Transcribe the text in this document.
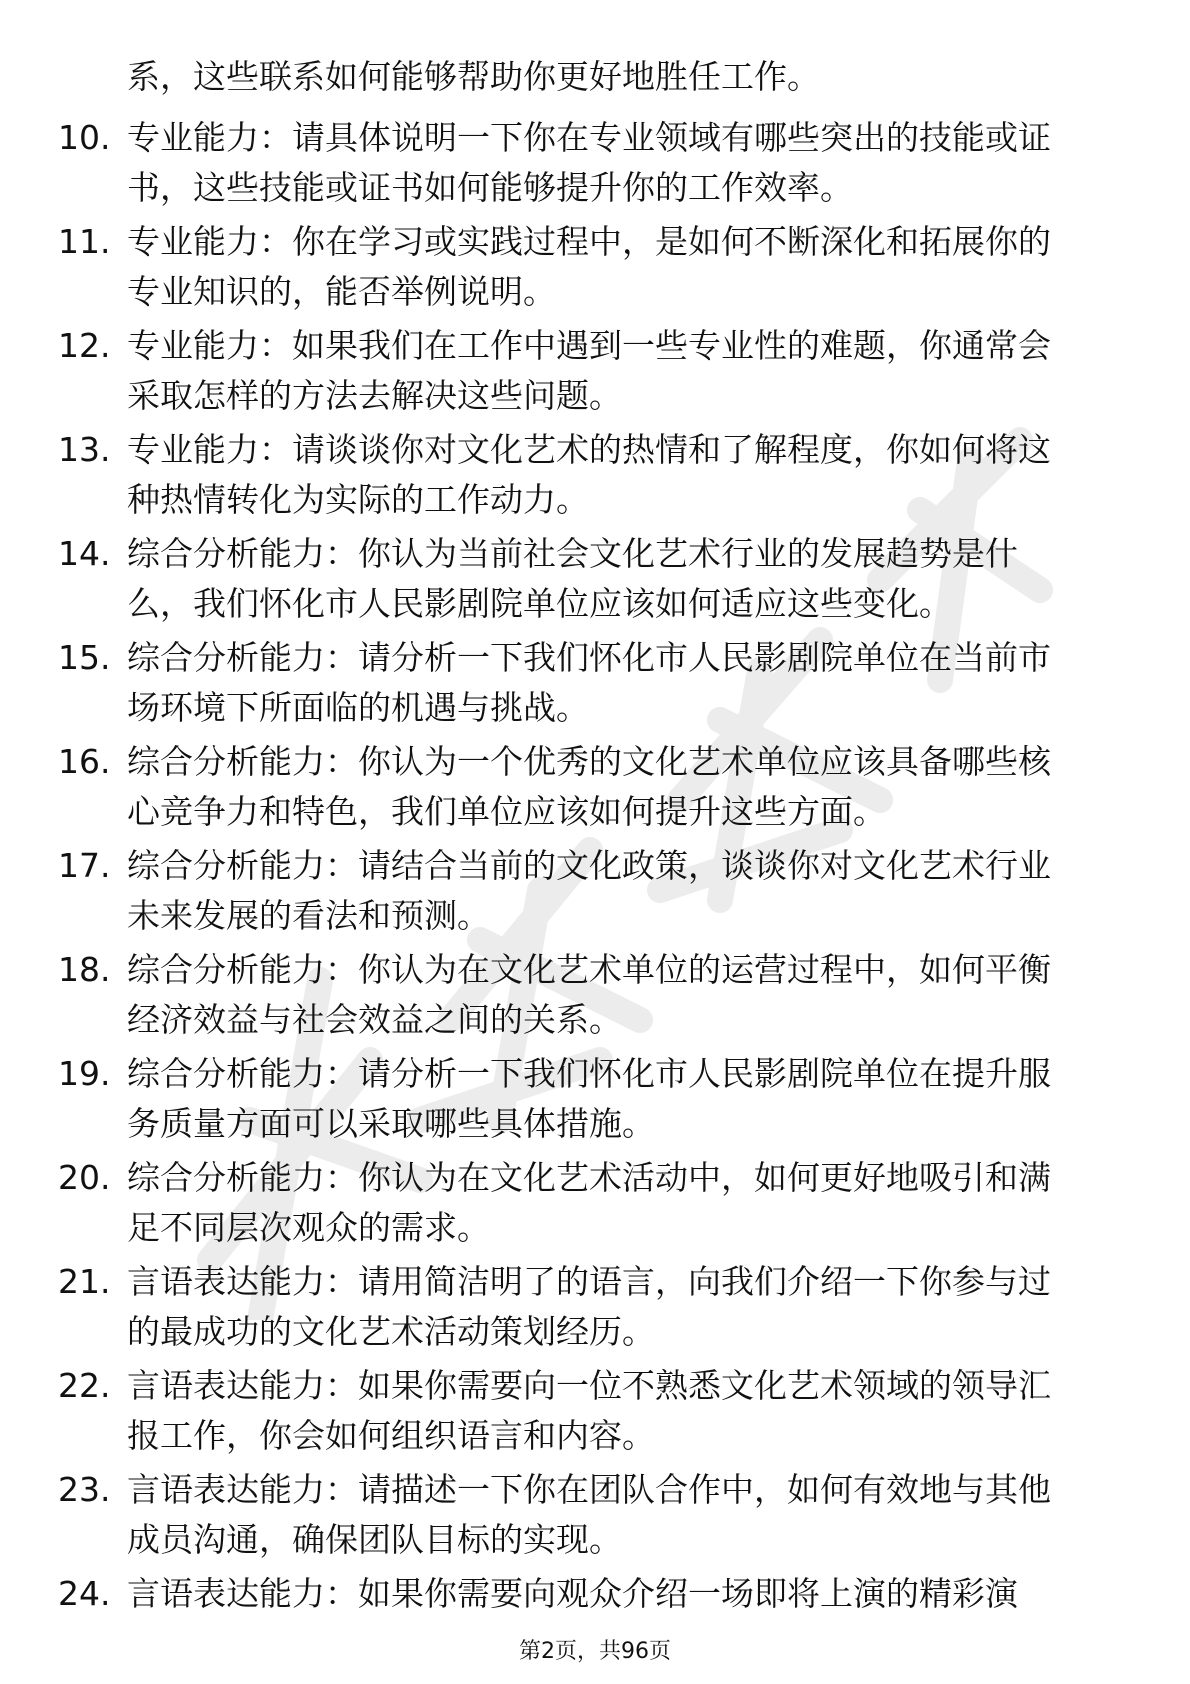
系，这些联系如何能够帮助你更好地胜任工作。
10. 专业能力：请具体说明一下你在专业领域有哪些突出的技能或证
书，这些技能或证书如何能够提升你的工作效率。
11. 专业能力：你在学习或实践过程中，是如何不断深化和拓展你的
专业知识的，能否举例说明。
12. 专业能力：如果我们在工作中遇到一些专业性的难题，你通常会
采取怎样的方法去解决这些问题。
13. 专业能力：请谈谈你对文化艺术的热情和了解程度，你如何将这
种热情转化为实际的工作动力。
14. 综合分析能力：你认为当前社会文化艺术行业的发展趋势是什
么，我们怀化市人民影剧院单位应该如何适应这些变化。
15. 综合分析能力：请分析一下我们怀化市人民影剧院单位在当前市
场环境下所面临的机遇与挑战。
16. 综合分析能力：你认为一个优秀的文化艺术单位应该具备哪些核
心竞争力和特色，我们单位应该如何提升这些方面。
17. 综合分析能力：请结合当前的文化政策，谈谈你对文化艺术行业
未来发展的看法和预测。
18. 综合分析能力：你认为在文化艺术单位的运营过程中，如何平衡
经济效益与社会效益之间的关系。
19. 综合分析能力：请分析一下我们怀化市人民影剧院单位在提升服
务质量方面可以采取哪些具体措施。
20. 综合分析能力：你认为在文化艺术活动中，如何更好地吸引和满
足不同层次观众的需求。
21. 言语表达能力：请用简洁明了的语言，向我们介绍一下你参与过
的最成功的文化艺术活动策划经历。
22. 言语表达能力：如果你需要向一位不熟悉文化艺术领域的领导汇
报工作，你会如何组织语言和内容。
23. 言语表达能力：请描述一下你在团队合作中，如何有效地与其他
成员沟通，确保团队目标的实现。
24. 言语表达能力：如果你需要向观众介绍一场即将上演的精彩演
第2页，共96页
